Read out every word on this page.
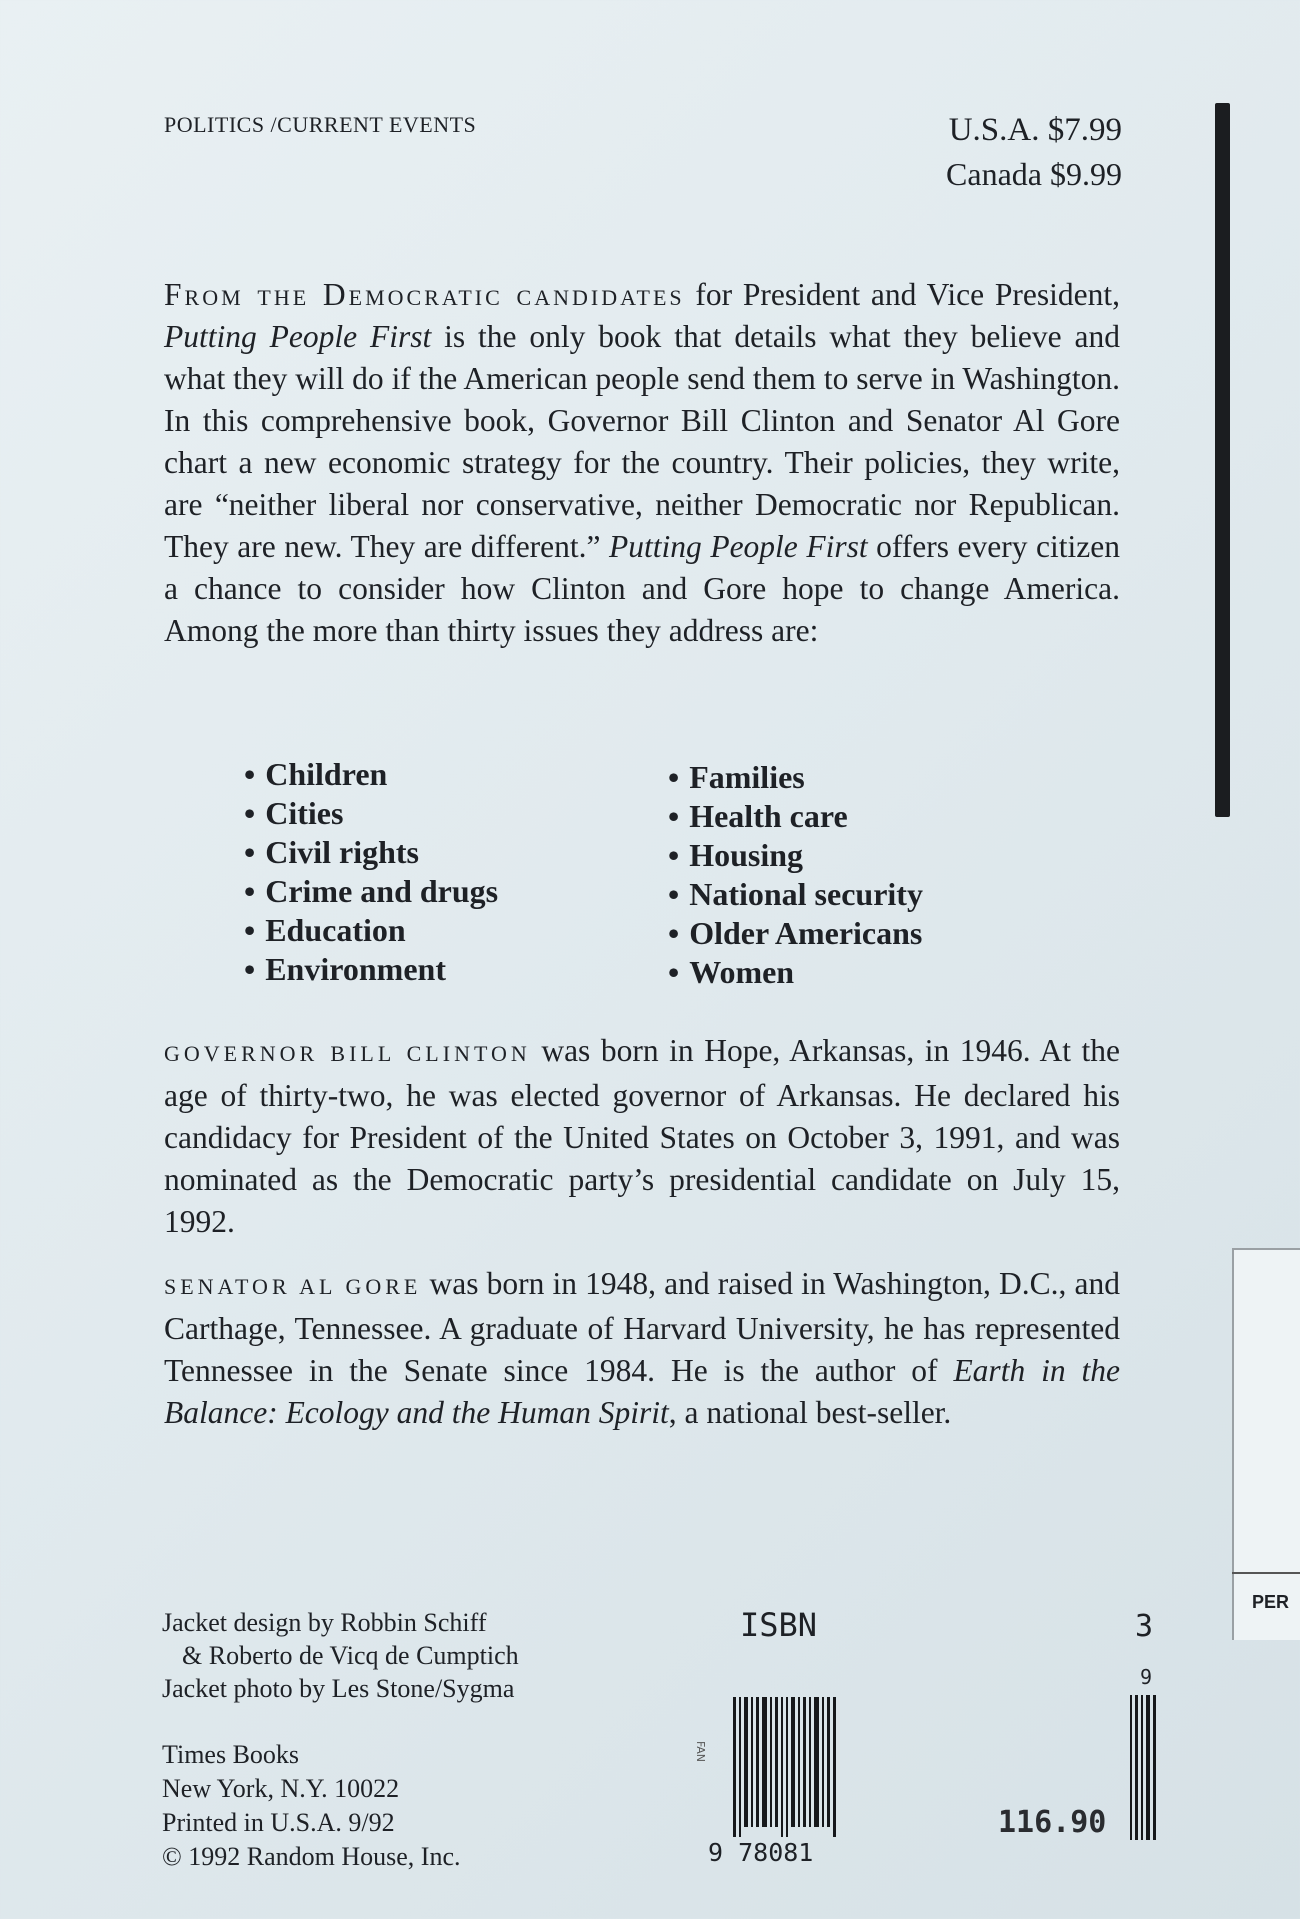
POLITICS /CURRENT EVENTS	U.S.A. $7.99
Canada $9.99

From the Democratic candidates for President and Vice President, Putting People First is the only book that details what they believe and what they will do if the American people send them to serve in Washington. In this comprehensive book, Governor Bill Clinton and Senator Al Gore chart a new economic strategy for the country. Their policies, they write, are “neither liberal nor conservative, neither Democratic nor Republican. They are new. They are different.” Putting People First offers every citizen a chance to consider how Clinton and Gore hope to change America. Among the more than thirty issues they address are:

• Children
• Cities
• Civil rights
• Crime and drugs
• Education
• Environment
• Families
• Health care
• Housing
• National security
• Older Americans
• Women

GOVERNOR BILL CLINTON was born in Hope, Arkansas, in 1946. At the age of thirty-two, he was elected governor of Arkansas. He declared his candidacy for President of the United States on October 3, 1991, and was nominated as the Democratic party’s presidential candidate on July 15, 1992.

SENATOR AL GORE was born in 1948, and raised in Washington, D.C., and Carthage, Tennessee. A graduate of Harvard University, he has represented Tennessee in the Senate since 1984. He is the author of Earth in the Balance: Ecology and the Human Spirit, a national best-seller.

Jacket design by Robbin Schiff
& Roberto de Vicq de Cumptich
Jacket photo by Les Stone/Sygma
Times Books
New York, N.Y. 10022
Printed in U.S.A. 9/92
© 1992 Random House, Inc.
ISBN	3
9 78081
FAN
9
116.90
PER
